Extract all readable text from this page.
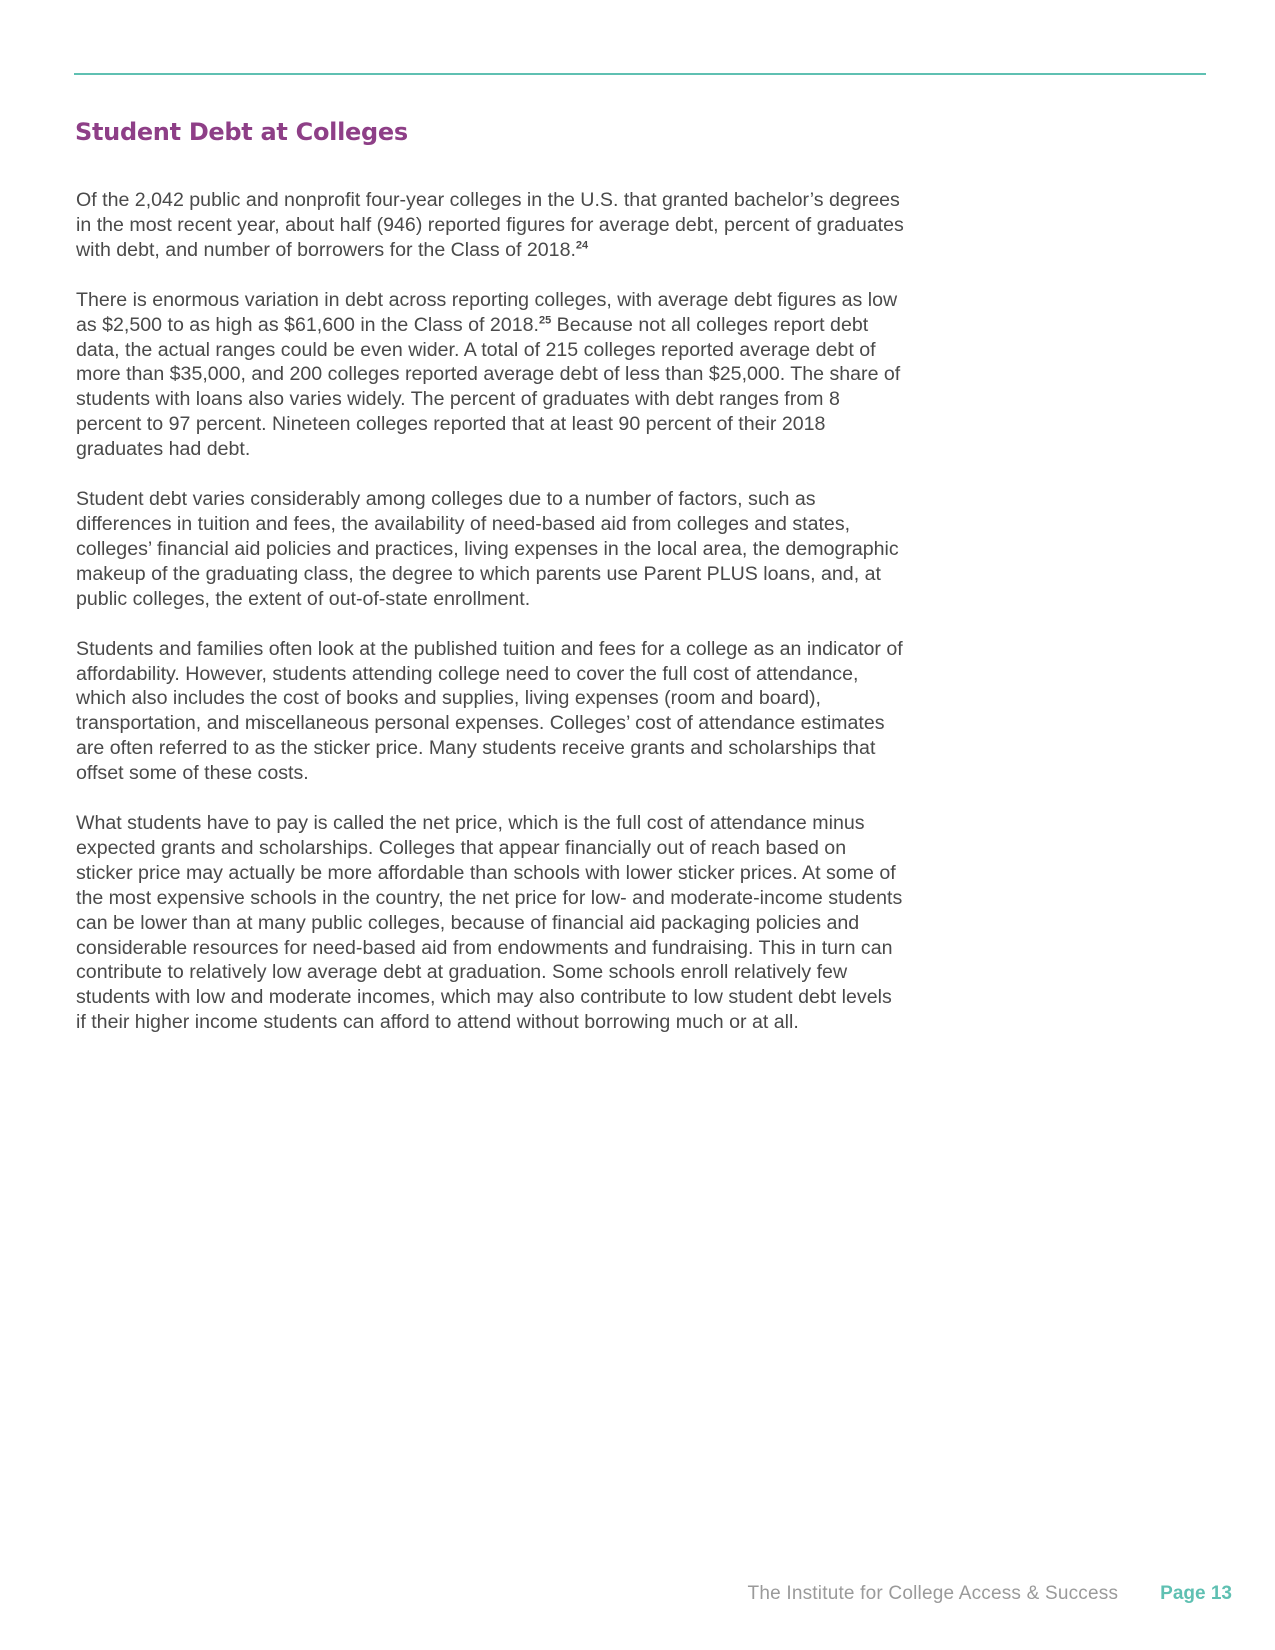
Student Debt at Colleges

Of the 2,042 public and nonprofit four-year colleges in the U.S. that granted bachelor’s degrees in the most recent year, about half (946) reported figures for average debt, percent of graduates with debt, and number of borrowers for the Class of 2018.24

There is enormous variation in debt across reporting colleges, with average debt figures as low as $2,500 to as high as $61,600 in the Class of 2018.25 Because not all colleges report debt data, the actual ranges could be even wider. A total of 215 colleges reported average debt of more than $35,000, and 200 colleges reported average debt of less than $25,000. The share of students with loans also varies widely. The percent of graduates with debt ranges from 8 percent to 97 percent. Nineteen colleges reported that at least 90 percent of their 2018 graduates had debt.

Student debt varies considerably among colleges due to a number of factors, such as differences in tuition and fees, the availability of need-based aid from colleges and states, colleges’ financial aid policies and practices, living expenses in the local area, the demographic makeup of the graduating class, the degree to which parents use Parent PLUS loans, and, at public colleges, the extent of out-of-state enrollment.

Students and families often look at the published tuition and fees for a college as an indicator of affordability. However, students attending college need to cover the full cost of attendance, which also includes the cost of books and supplies, living expenses (room and board), transportation, and miscellaneous personal expenses. Colleges’ cost of attendance estimates are often referred to as the sticker price. Many students receive grants and scholarships that offset some of these costs.

What students have to pay is called the net price, which is the full cost of attendance minus expected grants and scholarships. Colleges that appear financially out of reach based on sticker price may actually be more affordable than schools with lower sticker prices. At some of the most expensive schools in the country, the net price for low- and moderate-income students can be lower than at many public colleges, because of financial aid packaging policies and considerable resources for need-based aid from endowments and fundraising. This in turn can contribute to relatively low average debt at graduation. Some schools enroll relatively few students with low and moderate incomes, which may also contribute to low student debt levels if their higher income students can afford to attend without borrowing much or at all.

The Institute for College Access & Success Page 13
